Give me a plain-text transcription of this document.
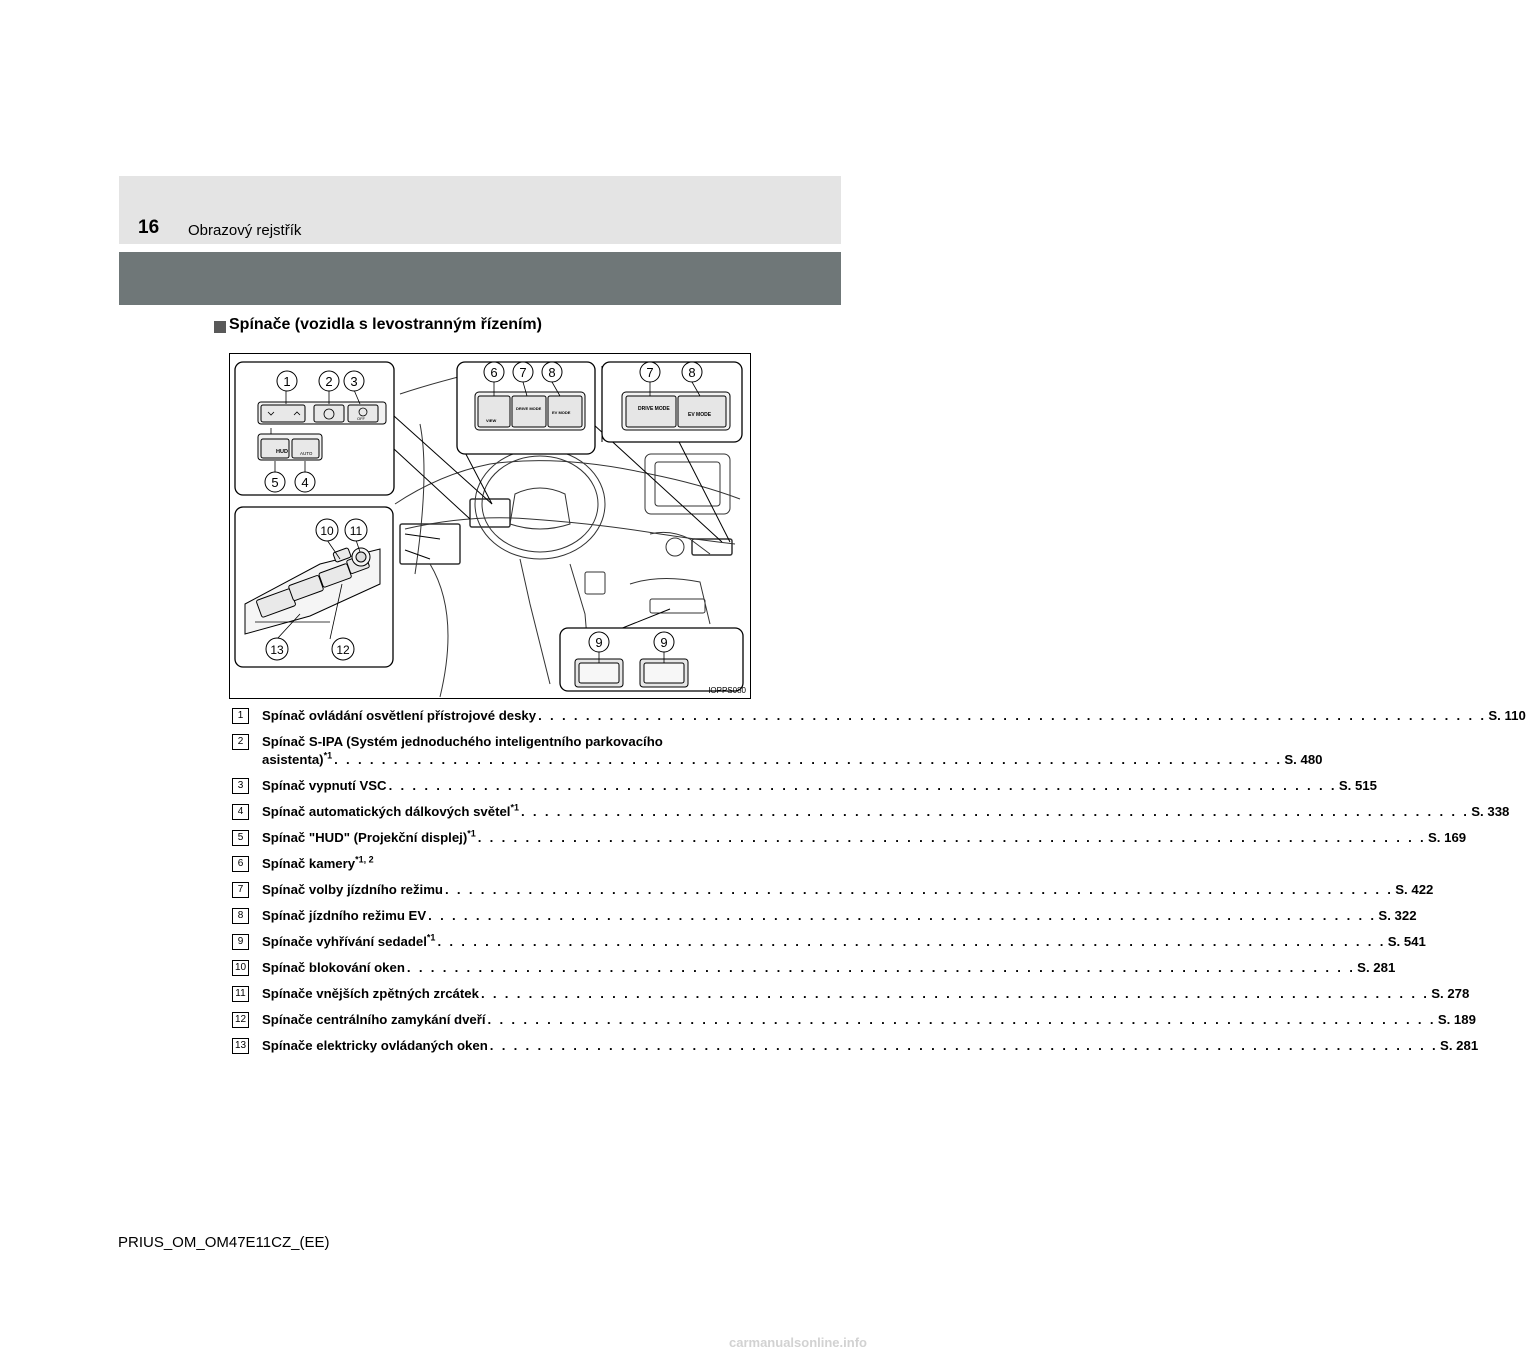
16 Obrazový rejstřík
Spínače (vozidla s levostranným řízením)
HUD	AUTO
OFF	VIEW
DRIVE MODE
EV MODE
DRIVE MODE
EV MODE
1	2 3
4
5
6 7 8	7	8
9	9
10 11
12
13
IOPPS080
1	Spínač ovládání osvětlení přístrojové desky . . . . . . . . . . . . . . . . . . . . . . . . . . . . . . . . . . . . . . . . . . . . . . . . . . . . . . . . . . . . . . . . . . . . . . . . . . . . . . . . S. 110
2	Spínač S-IPA (Systém jednoduchého inteligentního parkovacího
asistenta)$^{*1}$ . . . . . . . . . . . . . . . . . . . . . . . . . . . . . . . . . . . . . . . . . . . . . . . . . . . . . . . . . . . . . . . . . . . . . . . . . . . . . . . . S. 480
3	Spínač vypnutí VSC . . . . . . . . . . . . . . . . . . . . . . . . . . . . . . . . . . . . . . . . . . . . . . . . . . . . . . . . . . . . . . . . . . . . . . . . . . . . . . . . S. 515
4	Spínač automatických dálkových světel$^{*1}$ . . . . . . . . . . . . . . . . . . . . . . . . . . . . . . . . . . . . . . . . . . . . . . . . . . . . . . . . . . . . . . . . . . . . . . . . . . . . . . . . S. 338
5	Spínač "HUD" (Projekční displej)$^{*1}$ . . . . . . . . . . . . . . . . . . . . . . . . . . . . . . . . . . . . . . . . . . . . . . . . . . . . . . . . . . . . . . . . . . . . . . . . . . . . . . . . S. 169
6	Spínač kamery$^{*1, 2}$
7	Spínač volby jízdního režimu . . . . . . . . . . . . . . . . . . . . . . . . . . . . . . . . . . . . . . . . . . . . . . . . . . . . . . . . . . . . . . . . . . . . . . . . . . . . . . . . S. 422
8	Spínač jízdního režimu EV . . . . . . . . . . . . . . . . . . . . . . . . . . . . . . . . . . . . . . . . . . . . . . . . . . . . . . . . . . . . . . . . . . . . . . . . . . . . . . . . S. 322
9	Spínače vyhřívání sedadel$^{*1}$ . . . . . . . . . . . . . . . . . . . . . . . . . . . . . . . . . . . . . . . . . . . . . . . . . . . . . . . . . . . . . . . . . . . . . . . . . . . . . . . . S. 541
10 Spínač blokování oken . . . . . . . . . . . . . . . . . . . . . . . . . . . . . . . . . . . . . . . . . . . . . . . . . . . . . . . . . . . . . . . . . . . . . . . . . . . . . . . . S. 281
11 Spínače vnějších zpětných zrcátek . . . . . . . . . . . . . . . . . . . . . . . . . . . . . . . . . . . . . . . . . . . . . . . . . . . . . . . . . . . . . . . . . . . . . . . . . . . . . . . . S. 278
12 Spínače centrálního zamykání dveří . . . . . . . . . . . . . . . . . . . . . . . . . . . . . . . . . . . . . . . . . . . . . . . . . . . . . . . . . . . . . . . . . . . . . . . . . . . . . . . . S. 189
13 Spínače elektricky ovládaných oken . . . . . . . . . . . . . . . . . . . . . . . . . . . . . . . . . . . . . . . . . . . . . . . . . . . . . . . . . . . . . . . . . . . . . . . . . . . . . . . . S. 281
PRIUS_OM_OM47E11CZ_(EE)
carmanualsonline.info
